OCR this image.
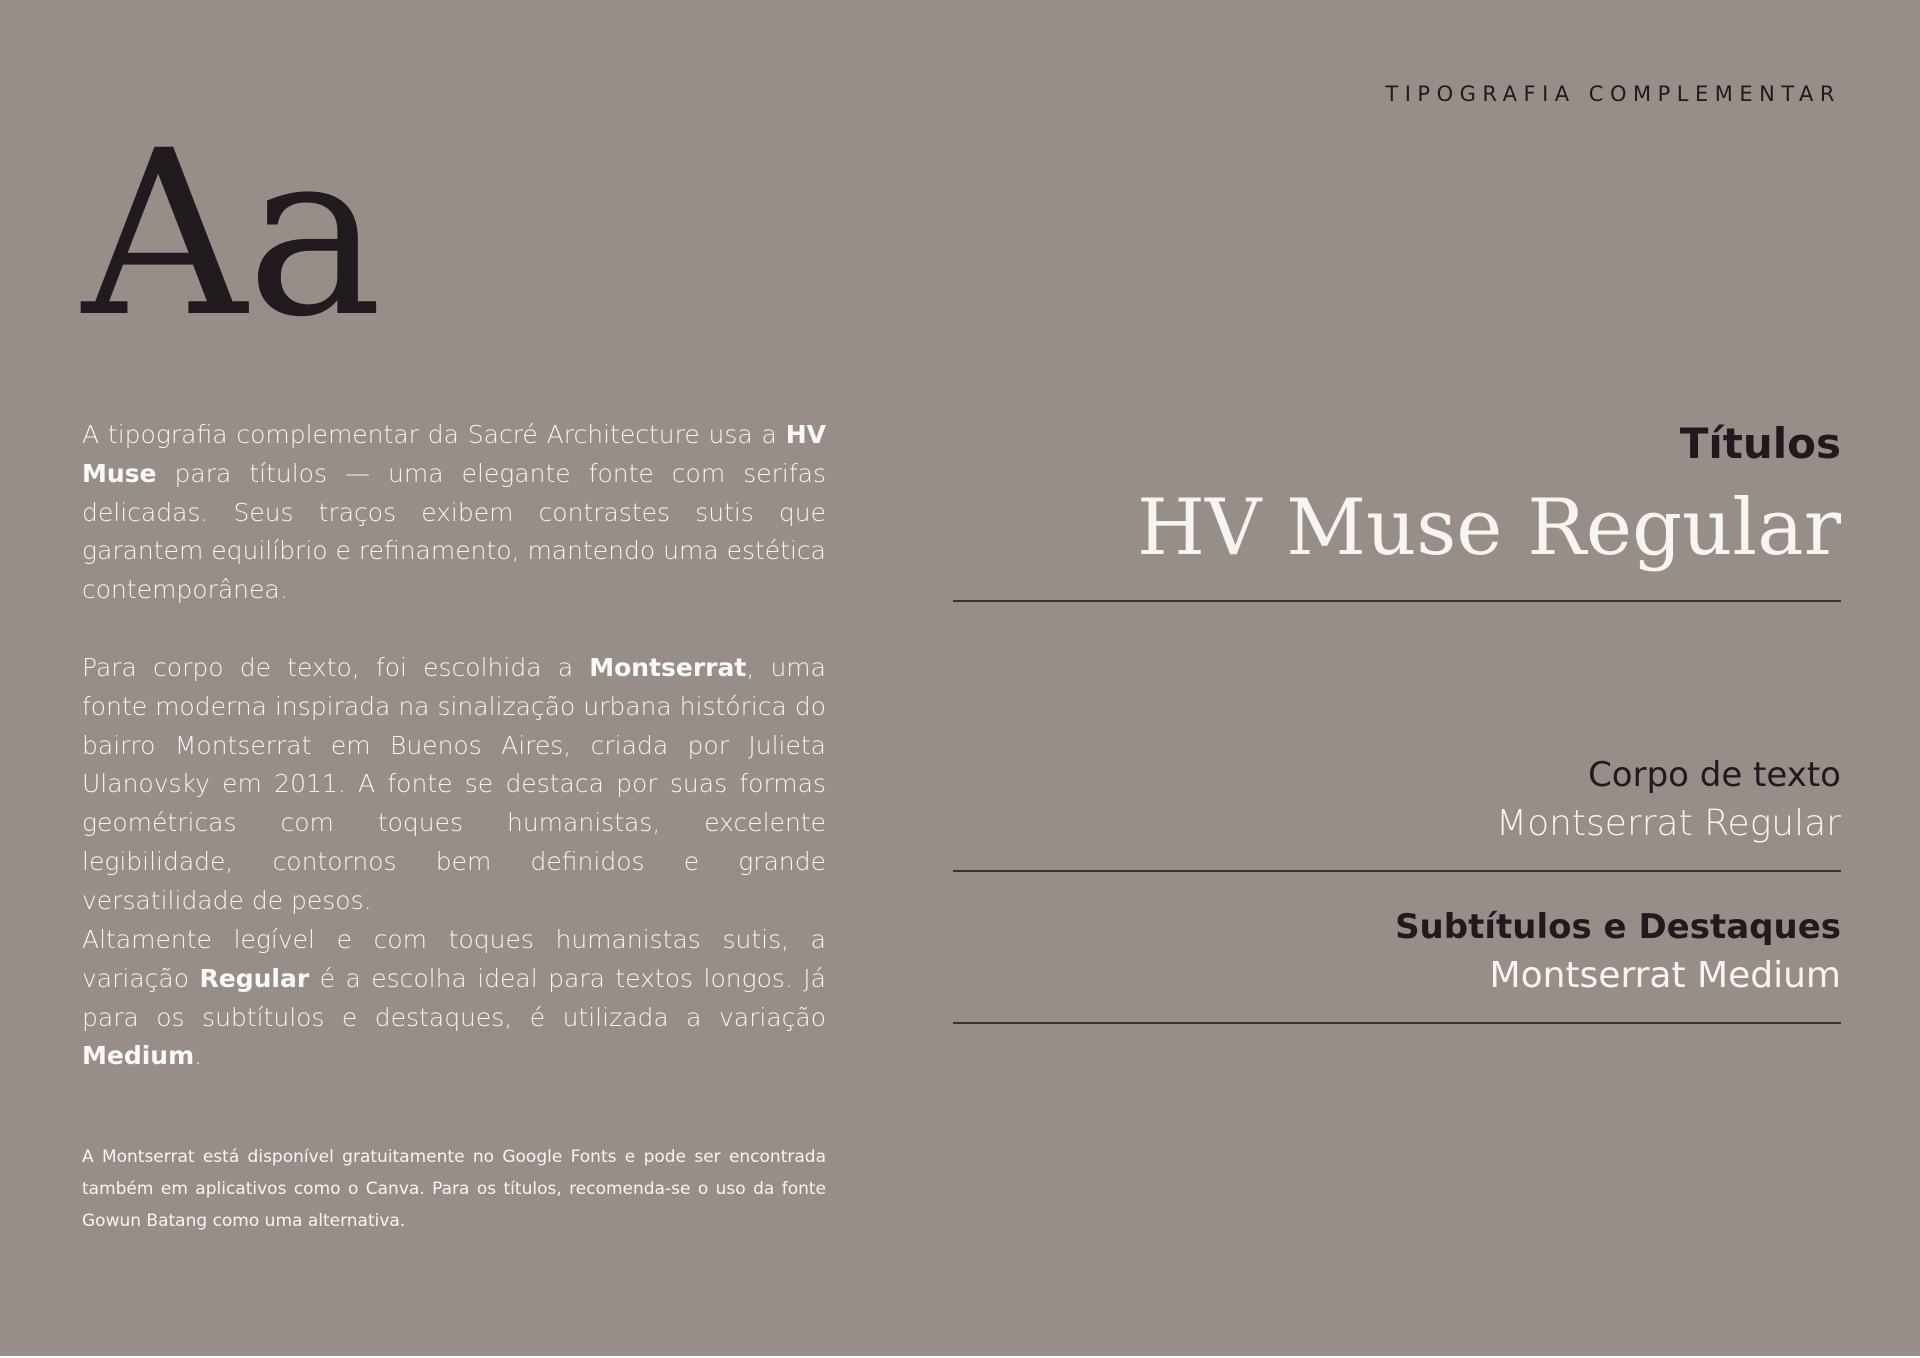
TIPOGRAFIA COMPLEMENTAR
Aa
A tipografia complementar da Sacré Architecture usa a HV Muse para títulos — uma elegante fonte com serifas delicadas. Seus traços exibem contrastes sutis que garantem equilíbrio e refinamento, mantendo uma estética contemporânea.
Para corpo de texto, foi escolhida a Montserrat, uma fonte moderna inspirada na sinalização urbana histórica do bairro Montserrat em Buenos Aires, criada por Julieta Ulanovsky em 2011. A fonte se destaca por suas formas geométricas com toques humanistas, excelente legibilidade, contornos bem definidos e grande versatilidade de pesos.
Altamente legível e com toques humanistas sutis, a variação Regular é a escolha ideal para textos longos. Já para os subtítulos e destaques, é utilizada a variação Medium.
A Montserrat está disponível gratuitamente no Google Fonts e pode ser encontrada também em aplicativos como o Canva. Para os títulos, recomenda-se o uso da fonte Gowun Batang como uma alternativa.
Títulos
HV Muse Regular
Corpo de texto
Montserrat Regular
Subtítulos e Destaques
Montserrat Medium
